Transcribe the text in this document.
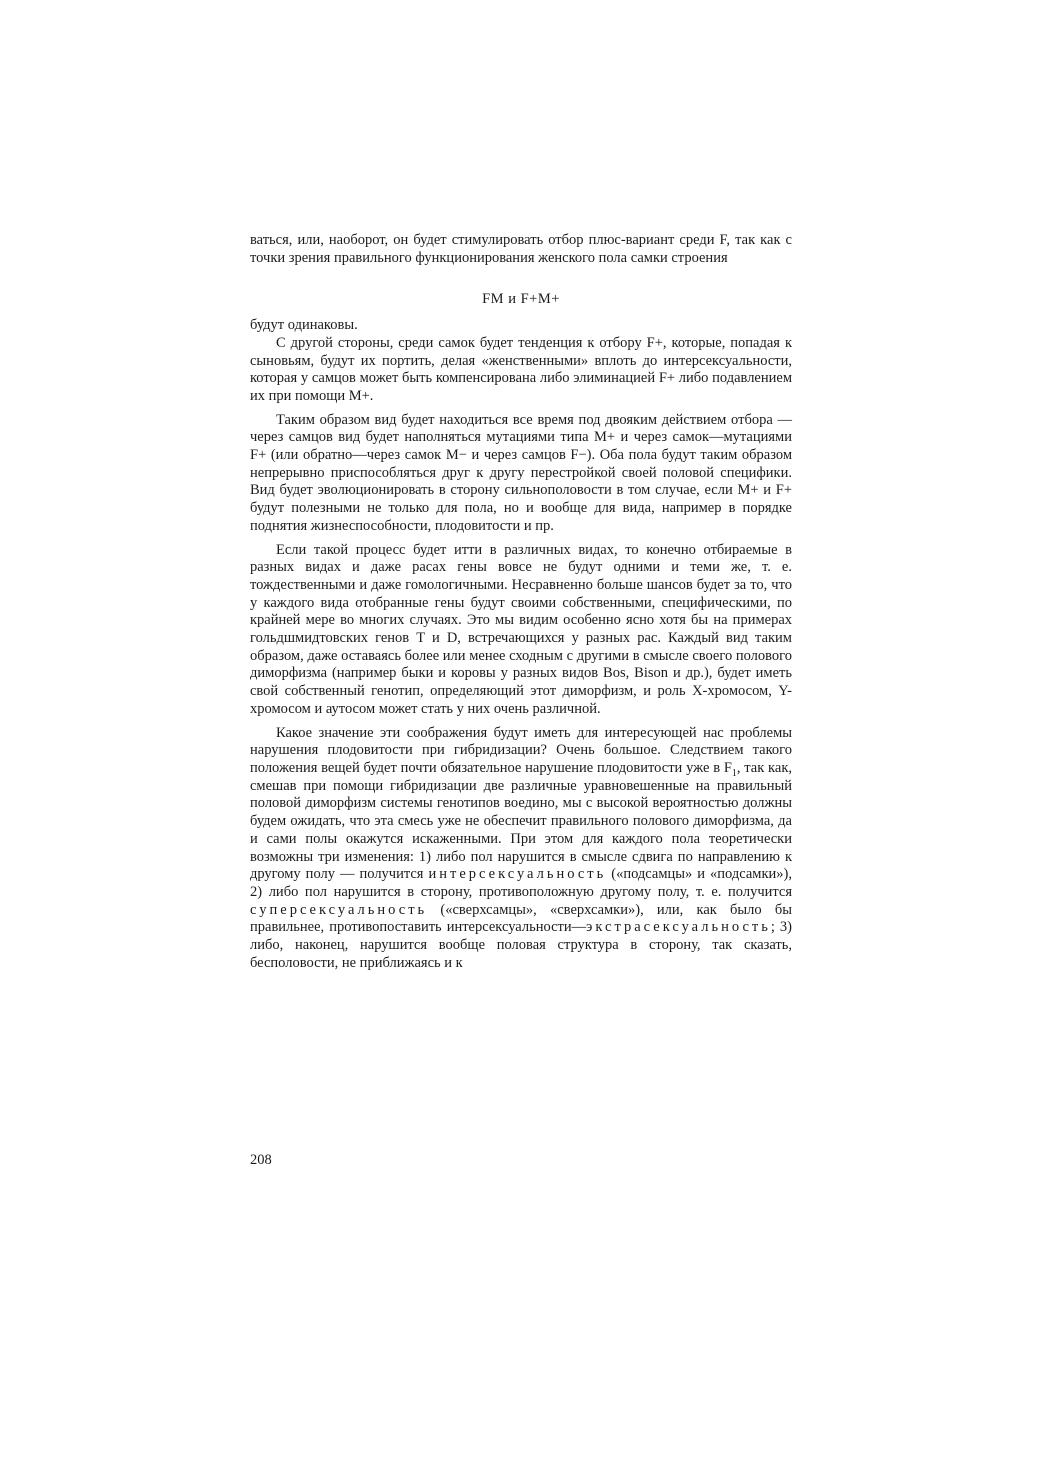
ваться, или, наоборот, он будет стимулировать отбор плюс-вариант среди F, так как с точки зрения правильного функционирования женского пола самки строения

FM и F+M+

будут одинаковы.

С другой стороны, среди самок будет тенденция к отбору F+, которые, попадая к сыновьям, будут их портить, делая «женственными» вплоть до интерсексуальности, которая у самцов может быть компенсирована либо элиминацией F+ либо подавлением их при помощи M+.

Таким образом вид будет находиться все время под двояким действием отбора — через самцов вид будет наполняться мутациями типа M+ и через самок—мутациями F+ (или обратно—через самок M− и через самцов F−). Оба пола будут таким образом непрерывно приспособляться друг к другу перестройкой своей половой специфики. Вид будет эволюционировать в сторону сильнополовости в том случае, если M+ и F+ будут полезными не только для пола, но и вообще для вида, например в порядке поднятия жизнеспособности, плодовитости и пр.

Если такой процесс будет итти в различных видах, то конечно отбираемые в разных видах и даже расах гены вовсе не будут одними и теми же, т. е. тождественными и даже гомологичными. Несравненно больше шансов будет за то, что у каждого вида отобранные гены будут своими собственными, специфическими, по крайней мере во многих случаях. Это мы видим особенно ясно хотя бы на примерах гольдшмидтовских генов T и D, встречающихся у разных рас. Каждый вид таким образом, даже оставаясь более или менее сходным с другими в смысле своего полового диморфизма (например быки и коровы у разных видов Bos, Bison и др.), будет иметь свой собственный генотип, определяющий этот диморфизм, и роль X-хромосом, Y-хромосом и аутосом может стать у них очень различной.

Какое значение эти соображения будут иметь для интересующей нас проблемы нарушения плодовитости при гибридизации? Очень большое. Следствием такого положения вещей будет почти обязательное нарушение плодовитости уже в $F_1$, так как, смешав при помощи гибридизации две различные уравновешенные на правильный половой диморфизм системы генотипов воедино, мы с высокой вероятностью должны будем ожидать, что эта смесь уже не обеспечит правильного полового диморфизма, да и сами полы окажутся искаженными. При этом для каждого пола теоретически возможны три изменения: 1) либо пол нарушится в смысле сдвига по направлению к другому полу — получится интерсексуальность («подсамцы» и «подсамки»), 2) либо пол нарушится в сторону, противоположную другому полу, т. е. получится суперсексуальность («сверхсамцы», «сверхсамки»), или, как было бы правильнее, противопоставить интерсексуальности—экстрасексуальность; 3) либо, наконец, нарушится вообще половая структура в сторону, так сказать, бесполовости, не приближаясь и к

208
